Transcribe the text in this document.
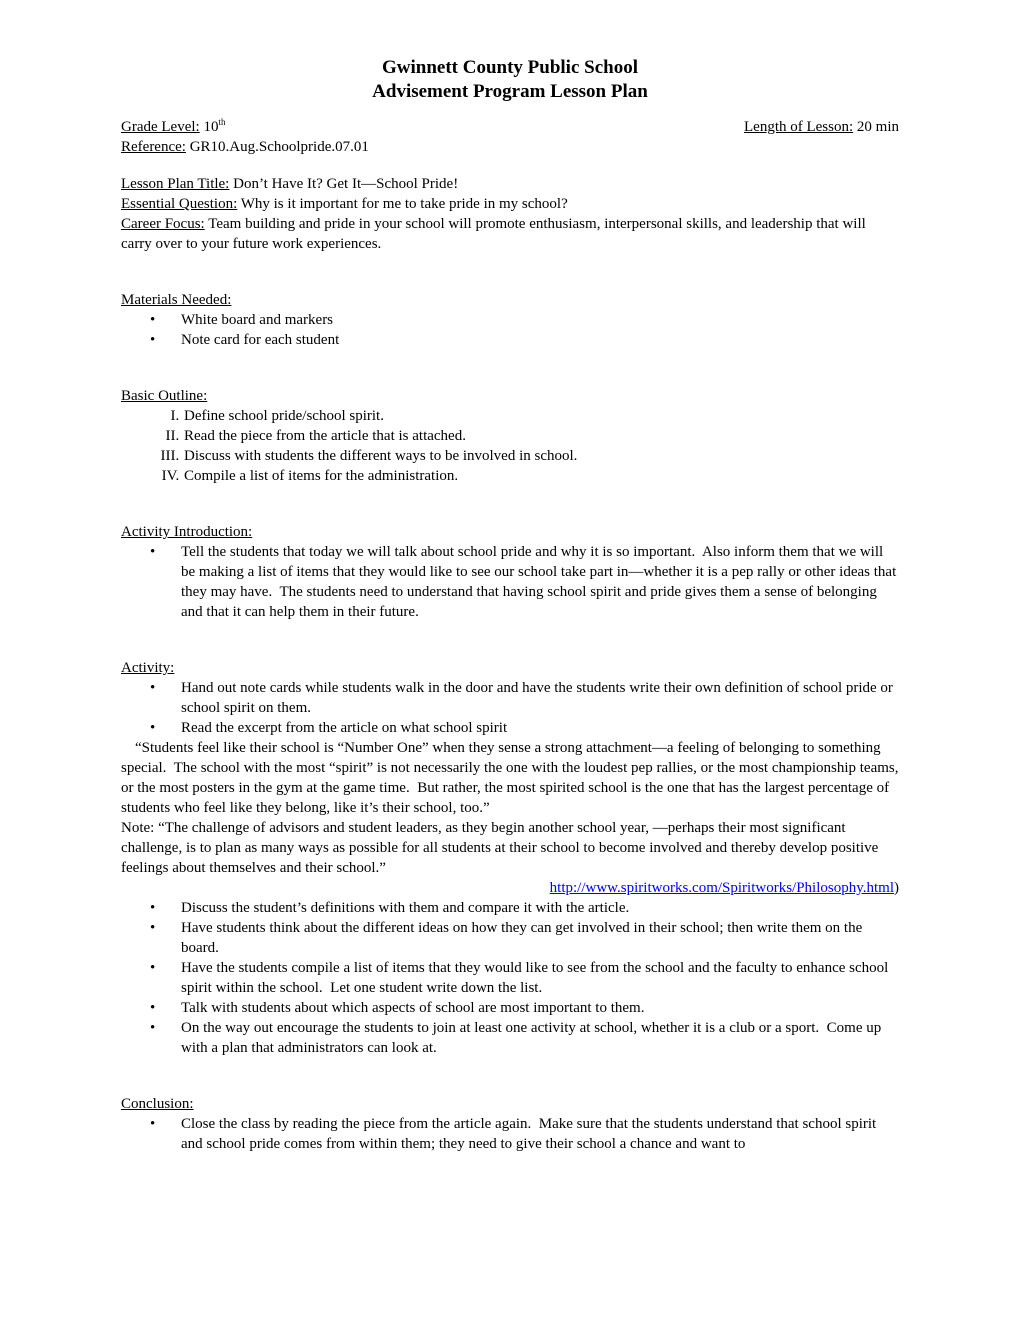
Gwinnett County Public School
Advisement Program Lesson Plan
Grade Level: 10th	Length of Lesson: 20 min
Reference: GR10.Aug.Schoolpride.07.01

Lesson Plan Title: Don’t Have It? Get It—School Pride!

Essential Question: Why is it important for me to take pride in my school?

Career Focus: Team building and pride in your school will promote enthusiasm, interpersonal skills, and leadership that will carry over to your future work experiences.

Materials Needed:

• White board and markers
• Note card for each student

Basic Outline:

I. Define school pride/school spirit.
II. Read the piece from the article that is attached.
III. Discuss with students the different ways to be involved in school.
IV. Compile a list of items for the administration.

Activity Introduction:

• Tell the students that today we will talk about school pride and why it is so important.  Also inform them that we will be making a list of items that they would like to see our school take part in—whether it is a pep rally or other ideas that they may have.  The students need to understand that having school spirit and pride gives them a sense of belonging and that it can help them in their future.

Activity:

• Hand out note cards while students walk in the door and have the students write their own definition of school pride or school spirit on them.
• Read the excerpt from the article on what school spirit

“Students feel like their school is “Number One” when they sense a strong attachment—a feeling of belonging to something special.  The school with the most “spirit” is not necessarily the one with the loudest pep rallies, or the most championship teams, or the most posters in the gym at the game time.  But rather, the most spirited school is the one that has the largest percentage of students who feel like they belong, like it’s their school, too.”

Note: “The challenge of advisors and student leaders, as they begin another school year, —perhaps their most significant challenge, is to plan as many ways as possible for all students at their school to become involved and thereby develop positive feelings about themselves and their school.”

http://www.spiritworks.com/Spiritworks/Philosophy.html)

• Discuss the student’s definitions with them and compare it with the article.
• Have students think about the different ideas on how they can get involved in their school; then write them on the board.
• Have the students compile a list of items that they would like to see from the school and the faculty to enhance school spirit within the school.  Let one student write down the list.
• Talk with students about which aspects of school are most important to them.
• On the way out encourage the students to join at least one activity at school, whether it is a club or a sport.  Come up with a plan that administrators can look at.

Conclusion:

• Close the class by reading the piece from the article again.  Make sure that the students understand that school spirit and school pride comes from within them; they need to give their school a chance and want to
